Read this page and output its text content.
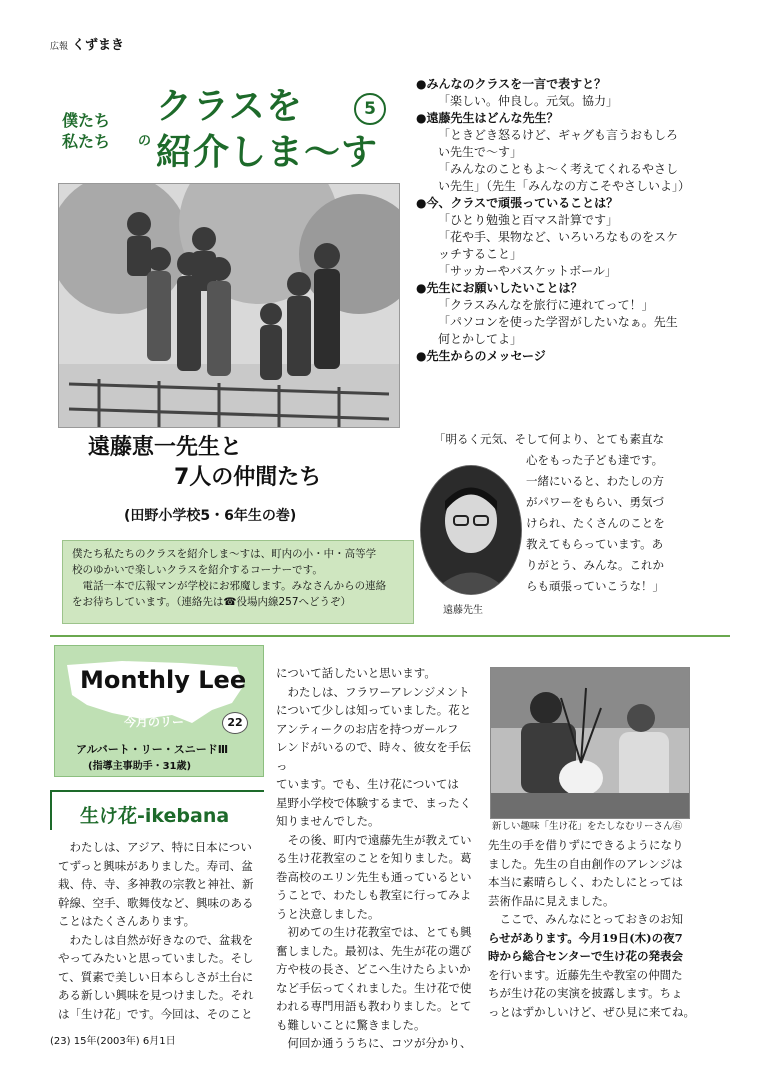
広報 くずまき
僕たち
私たち の
クラスを
紹介しま〜す
5
遠藤恵一先生と
7人の仲間たち
(田野小学校5・6年生の巻)
僕たち私たちのクラスを紹介しま〜すは、町内の小・中・高等学
校のゆかいで楽しいクラスを紹介するコーナーです。
　電話一本で広報マンが学校にお邪魔します。みなさんからの連絡
をお待ちしています。（連絡先は☎役場内線257へどうぞ）
●みんなのクラスを一言で表すと？
「楽しい。仲良し。元気。協力」
●遠藤先生はどんな先生？
「ときどき怒るけど、ギャグも言うおもしろ
い先生で〜す」
「みんなのこともよ〜く考えてくれるやさし
い先生」（先生「みんなの方こそやさしいよ」）
●今、クラスで頑張っていることは？
「ひとり勉強と百マス計算です」
「花や手、果物など、いろいろなものをスケ
ッチすること」
「サッカーやバスケットボール」
●先生にお願いしたいことは？
「クラスみんなを旅行に連れてって！」
「パソコンを使った学習がしたいなぁ。先生
何とかしてよ」
●先生からのメッセージ
「明るく元気、そして何より、とても素直な
心をもった子ども達です。
一緒にいると、わたしの方
がパワーをもらい、勇気づ
けられ、たくさんのことを
教えてもらっています。あ
りがとう、みんな。これか
らも頑張っていこうな！」
遠藤先生
Monthly Lee
今月のリー	22
アルバート・リー・スニードⅢ
(指導主事助手・31歳)
生け花-ikebana
　わたしは、アジア、特に日本につい
てずっと興味がありました。寿司、盆
栽、侍、寺、多神教の宗教と神社、新
幹線、空手、歌舞伎など、興味のある
ことはたくさんあります。
　わたしは自然が好きなので、盆栽を
やってみたいと思っていました。そし
て、質素で美しい日本らしさが土台に
ある新しい興味を見つけました。それ
は「生け花」です。今回は、そのこと
について話したいと思います。
　わたしは、フラワーアレンジメント
について少しは知っていました。花と
アンティークのお店を持つガールフ
レンドがいるので、時々、彼女を手伝っ
ています。でも、生け花については
星野小学校で体験するまで、まったく
知りませんでした。
　その後、町内で遠藤先生が教えてい
る生け花教室のことを知りました。葛
巻高校のエリン先生も通っているとい
うことで、わたしも教室に行ってみよ
うと決意しました。
　初めての生け花教室では、とても興
奮しました。最初は、先生が花の選び
方や枝の長さ、どこへ生けたらよいか
など手伝ってくれました。生け花で使
われる専門用語も教わりました。とて
も難しいことに驚きました。
　何回か通ううちに、コツが分かり、
新しい趣味「生け花」をたしなむリーさん㊨
先生の手を借りずにできるようになり
ました。先生の自由創作のアレンジは
本当に素晴らしく、わたしにとっては
芸術作品に見えました。
　ここで、みんなにとっておきのお知
らせがあります。今月19日(木)の夜7
時から総合センターで生け花の発表会
を行います。近藤先生や教室の仲間た
ちが生け花の実演を披露します。ちょ
っとはずかしいけど、ぜひ見に来てね。
(23) 15年(2003年) 6月1日
